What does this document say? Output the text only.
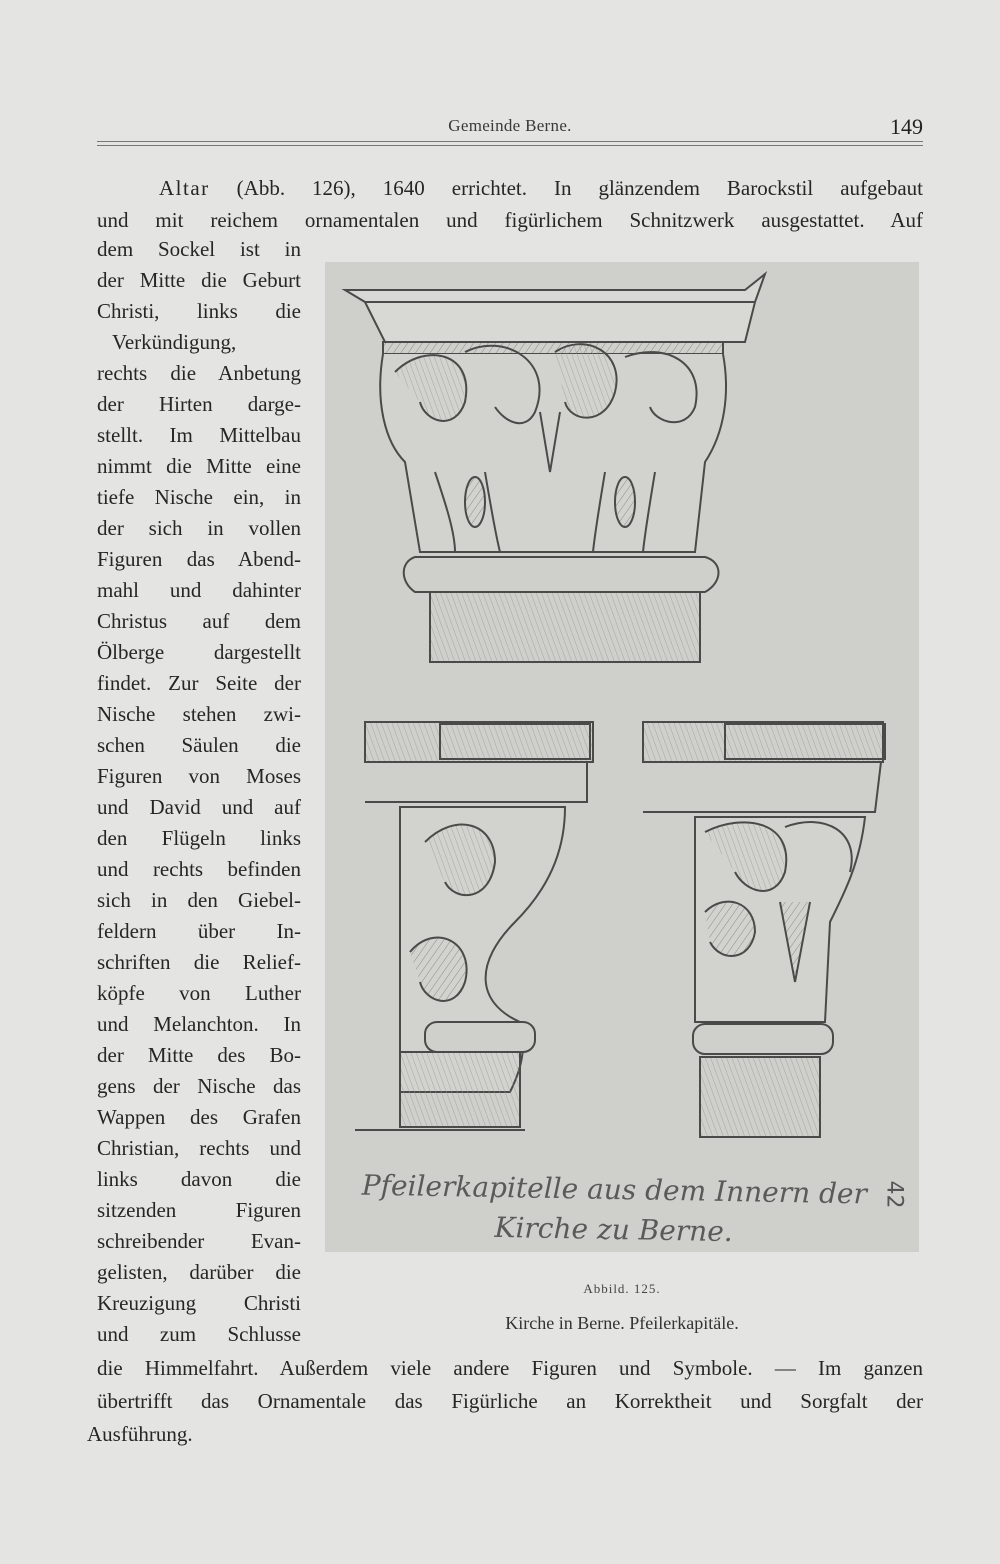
Gemeinde Berne.	149
Altar (Abb. 126), 1640 errichtet. In glänzendem Barockstil aufgebaut
und mit reichem ornamentalen und figürlichem Schnitzwerk ausgestattet. Auf
dem Sockel ist in
der Mitte die Geburt
Christi, links die
Verkündigung,
rechts die Anbetung
der Hirten darge-
stellt. Im Mittelbau
nimmt die Mitte eine
tiefe Nische ein, in
der sich in vollen
Figuren das Abend-
mahl und dahinter
Christus auf dem
Ölberge dargestellt
findet. Zur Seite der
Nische stehen zwi-
schen Säulen die
Figuren von Moses
und David und auf
den Flügeln links
und rechts befinden
sich in den Giebel-
feldern über In-
schriften die Relief-
köpfe von Luther
und Melanchton. In
der Mitte des Bo-
gens der Nische das
Wappen des Grafen
Christian, rechts und
links davon die
sitzenden Figuren
schreibender Evan-
gelisten, darüber die
Kreuzigung Christi
und zum Schlusse
die Himmelfahrt. Außerdem viele andere Figuren und Symbole. — Im ganzen
übertrifft das Ornamentale das Figürliche an Korrektheit und Sorgfalt der
Ausführung.
Pfeilerkapitelle aus dem Innern der
Kirche zu Berne.
42
Abbild. 125.
Kirche in Berne. Pfeilerkapitäle.
